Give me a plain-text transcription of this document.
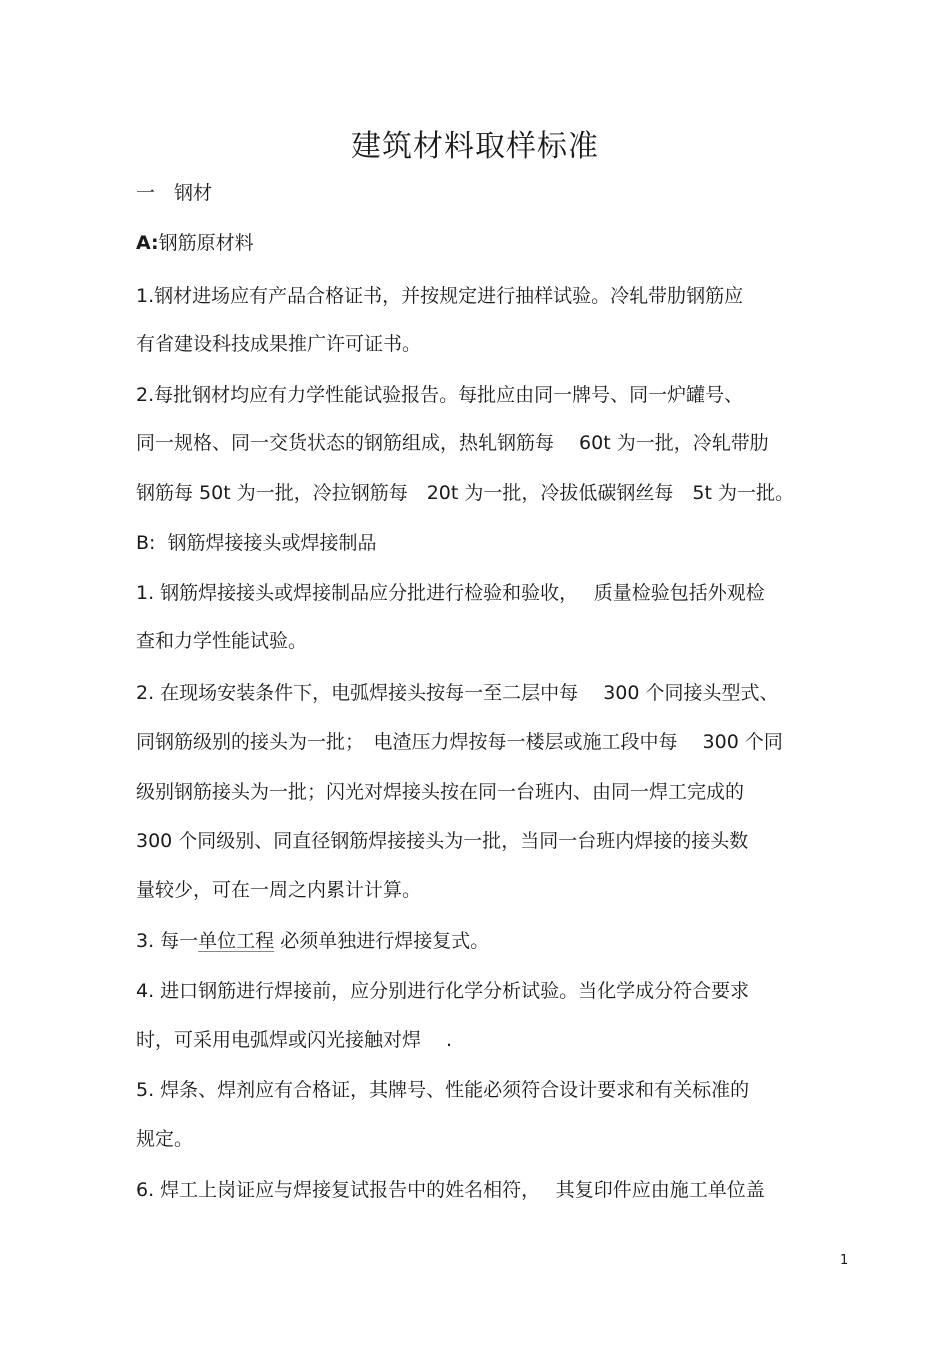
建筑材料取样标准
一　钢材
A:钢筋原材料
1.钢材进场应有产品合格证书，并按规定进行抽样试验。冷轧带肋钢筋应
有省建设科技成果推广许可证书。
2.每批钢材均应有力学性能试验报告。每批应由同一牌号、同一炉罐号、
同一规格、同一交货状态的钢筋组成，热轧钢筋每　 60t 为一批，冷轧带肋
钢筋每 50t 为一批，冷拉钢筋每　20t 为一批，冷拔低碳钢丝每　5t 为一批。
B:  钢筋焊接接头或焊接制品
1. 钢筋焊接接头或焊接制品应分批进行检验和验收，　 质量检验包括外观检
查和力学性能试验。
2. 在现场安装条件下，电弧焊接头按每一至二层中每　 300 个同接头型式、
同钢筋级别的接头为一批；　电渣压力焊按每一楼层或施工段中每　 300 个同
级别钢筋接头为一批；闪光对焊接头按在同一台班内、由同一焊工完成的
300 个同级别、同直径钢筋焊接接头为一批，当同一台班内焊接的接头数
量较少，可在一周之内累计计算。
3. 每一单位工程 必须单独进行焊接复式。
4. 进口钢筋进行焊接前，应分别进行化学分析试验。当化学成分符合要求
时，可采用电弧焊或闪光接触对焊　 .
5. 焊条、焊剂应有合格证，其牌号、性能必须符合设计要求和有关标准的
规定。
6. 焊工上岗证应与焊接复试报告中的姓名相符，　 其复印件应由施工单位盖
1
